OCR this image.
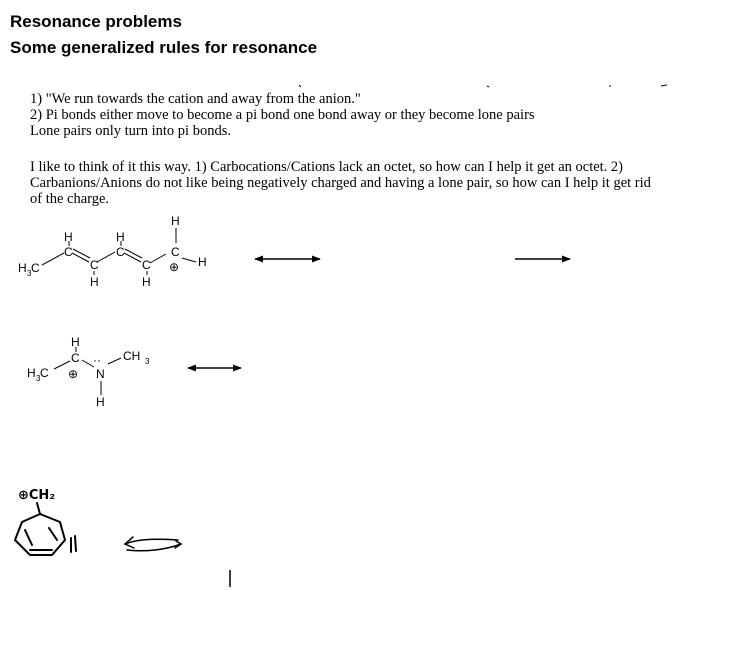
Resonance problems
Some generalized rules for resonance
1) "We run towards the cation and away from the anion."
2) Pi bonds either move to become a pi bond one bond away or they become lone pairs
Lone pairs only turn into pi bonds.
I like to think of it this way. 1) Carbocations/Cations lack an octet, so how can I help it get an octet. 2)
Carbanions/Anions do not like being negatively charged and having a lone pair, so how can I help it get rid
of the charge.
H 3 C
H
C
C
H
H
C
C
H
H
C
H
⊕
H 3 C
H
C
⊕
··
N
H
CH 3
⊕CH₂
